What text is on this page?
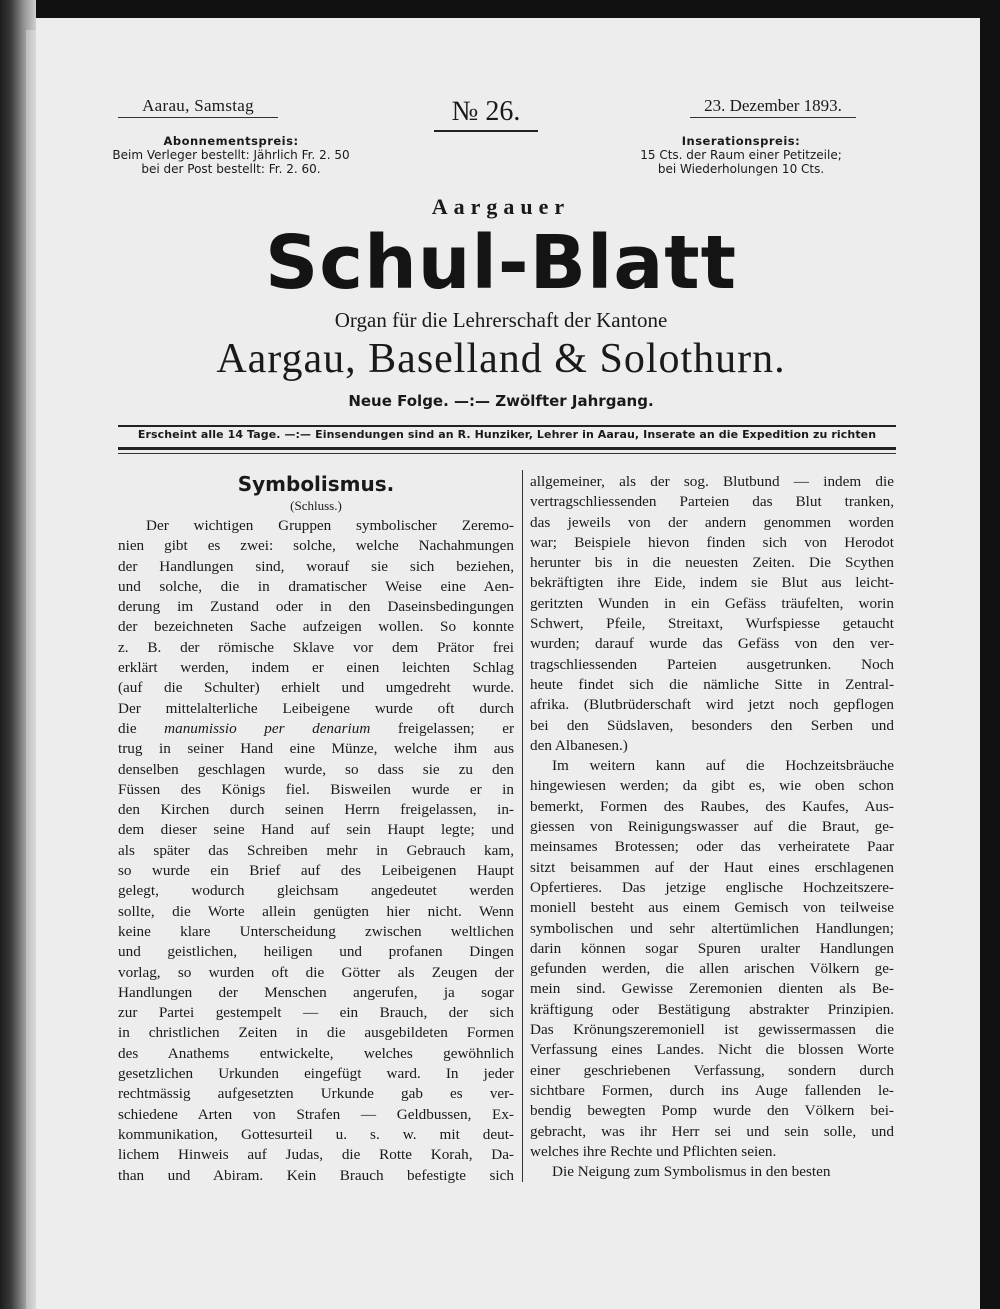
Aarau, Samstag	№ 26.	23. Dezember 1893.
Abonnementspreis:
Beim Verleger bestellt: Jährlich Fr. 2. 50
bei der Post bestellt: Fr. 2. 60.
Inserationspreis:
15 Cts. der Raum einer Petitzeile;
bei Wiederholungen 10 Cts.
Aargauer
Schul-Blatt
Organ für die Lehrerschaft der Kantone
Aargau, Baselland & Solothurn.
Neue Folge. —:— Zwölfter Jahrgang.
Erscheint alle 14 Tage. —:— Einsendungen sind an R. Hunziker, Lehrer in Aarau, Inserate an die Expedition zu richten
Symbolismus.
(Schluss.)
Der wichtigen Gruppen symbolischer Zeremo-
nien gibt es zwei: solche, welche Nachahmungen
der Handlungen sind, worauf sie sich beziehen,
und solche, die in dramatischer Weise eine Aen-
derung im Zustand oder in den Daseinsbedingungen
der bezeichneten Sache aufzeigen wollen. So konnte
z. B. der römische Sklave vor dem Prätor frei
erklärt werden, indem er einen leichten Schlag
(auf die Schulter) erhielt und umgedreht wurde.
Der mittelalterliche Leibeigene wurde oft durch
die manumissio per denarium freigelassen; er
trug in seiner Hand eine Münze, welche ihm aus
denselben geschlagen wurde, so dass sie zu den
Füssen des Königs fiel. Bisweilen wurde er in
den Kirchen durch seinen Herrn freigelassen, in-
dem dieser seine Hand auf sein Haupt legte; und
als später das Schreiben mehr in Gebrauch kam,
so wurde ein Brief auf des Leibeigenen Haupt
gelegt, wodurch gleichsam angedeutet werden
sollte, die Worte allein genügten hier nicht. Wenn
keine klare Unterscheidung zwischen weltlichen
und geistlichen, heiligen und profanen Dingen
vorlag, so wurden oft die Götter als Zeugen der
Handlungen der Menschen angerufen, ja sogar
zur Partei gestempelt — ein Brauch, der sich
in christlichen Zeiten in die ausgebildeten Formen
des Anathems entwickelte, welches gewöhnlich
gesetzlichen Urkunden eingefügt ward. In jeder
rechtmässig aufgesetzten Urkunde gab es ver-
schiedene Arten von Strafen — Geldbussen, Ex-
kommunikation, Gottesurteil u. s. w. mit deut-
lichem Hinweis auf Judas, die Rotte Korah, Da-
than und Abiram. Kein Brauch befestigte sich
allgemeiner, als der sog. Blutbund — indem die
vertragschliessenden Parteien das Blut tranken,
das jeweils von der andern genommen worden
war; Beispiele hievon finden sich von Herodot
herunter bis in die neuesten Zeiten. Die Scythen
bekräftigten ihre Eide, indem sie Blut aus leicht-
geritzten Wunden in ein Gefäss träufelten, worin
Schwert, Pfeile, Streitaxt, Wurfspiesse getaucht
wurden; darauf wurde das Gefäss von den ver-
tragschliessenden Parteien ausgetrunken. Noch
heute findet sich die nämliche Sitte in Zentral-
afrika. (Blutbrüderschaft wird jetzt noch gepflogen
bei den Südslaven, besonders den Serben und
den Albanesen.)
Im weitern kann auf die Hochzeitsbräuche
hingewiesen werden; da gibt es, wie oben schon
bemerkt, Formen des Raubes, des Kaufes, Aus-
giessen von Reinigungswasser auf die Braut, ge-
meinsames Brotessen; oder das verheiratete Paar
sitzt beisammen auf der Haut eines erschlagenen
Opfertieres. Das jetzige englische Hochzeitszere-
moniell besteht aus einem Gemisch von teilweise
symbolischen und sehr altertümlichen Handlungen;
darin können sogar Spuren uralter Handlungen
gefunden werden, die allen arischen Völkern ge-
mein sind. Gewisse Zeremonien dienten als Be-
kräftigung oder Bestätigung abstrakter Prinzipien.
Das Krönungszeremoniell ist gewissermassen die
Verfassung eines Landes. Nicht die blossen Worte
einer geschriebenen Verfassung, sondern durch
sichtbare Formen, durch ins Auge fallenden le-
bendig bewegten Pomp wurde den Völkern bei-
gebracht, was ihr Herr sei und sein solle, und
welches ihre Rechte und Pflichten seien.
Die Neigung zum Symbolismus in den besten
